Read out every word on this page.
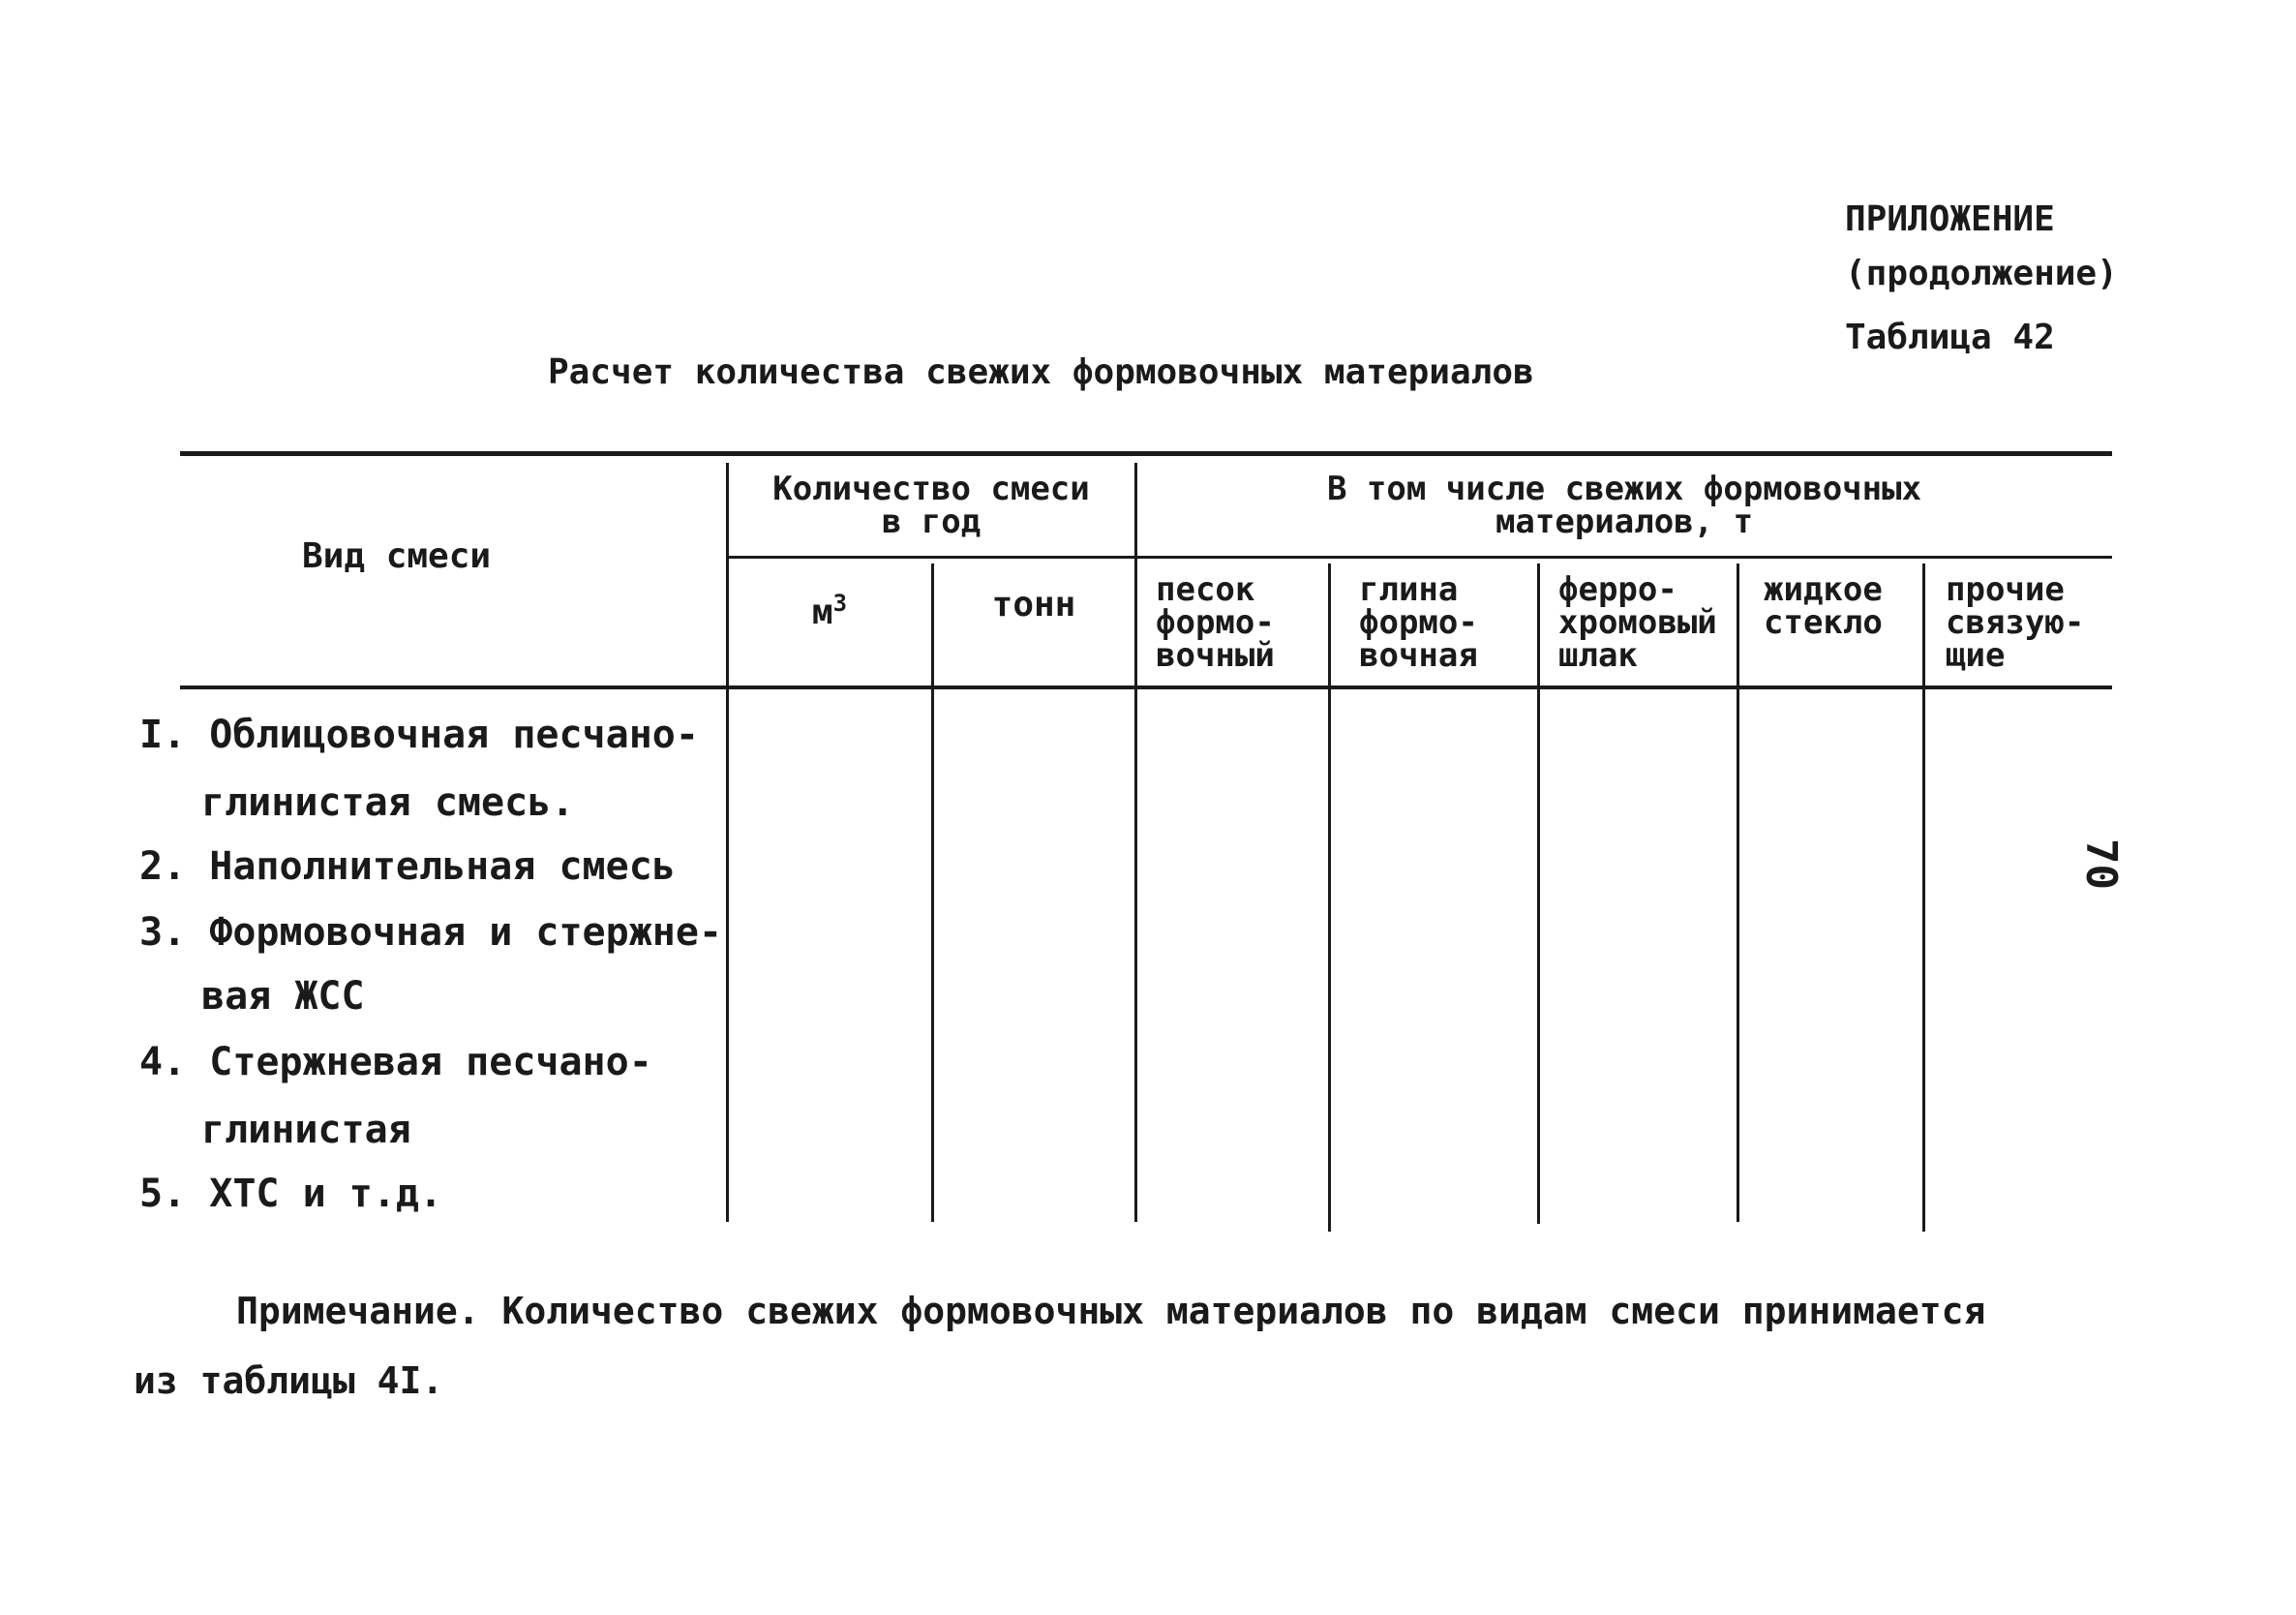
ПРИЛОЖЕНИЕ
(продолжение)
Таблица 42
Расчет количества свежих формовочных материалов
Вид смеси
Количество смеси
в год
В том числе свежих формовочных
материалов, т
$м^3$	тонн	песок
формо-
вочный
глина
формо-
вочная
ферро-
хромовый
шлак
жидкое
стекло
прочие
связую-
щие
I. Облицовочная песчано-
глинистая смесь.
2. Наполнительная смесь
3. Формовочная и стержне-
вая ЖСС
4. Стержневая песчано-
глинистая
5. ХТС и т.д.
70
Примечание. Количество свежих формовочных материалов по видам смеси принимается
из таблицы 4I.
